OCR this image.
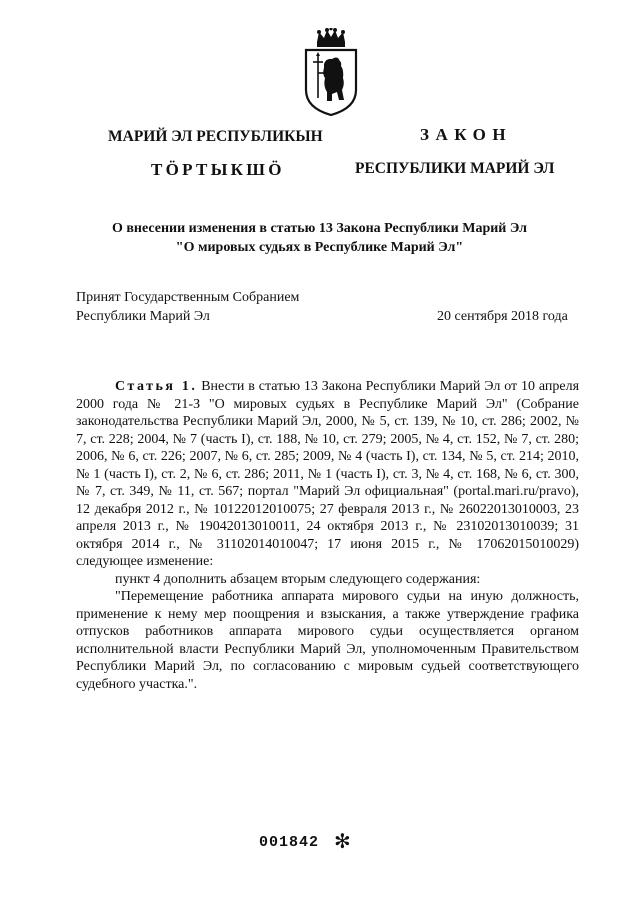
МАРИЙ ЭЛ РЕСПУБЛИКЫН
ТӦРТЫКШӦ
ЗАКОН
РЕСПУБЛИКИ МАРИЙ ЭЛ
О внесении изменения в статью 13 Закона Республики Марий Эл
"О мировых судьях в Республике Марий Эл"
Принят Государственным Собранием
Республики Марий Эл	20 сентября 2018 года

Статья 1. Внести в статью 13 Закона Республики Марий Эл от 10 апреля 2000 года № 21-З "О мировых судьях в Республике Марий Эл" (Собрание законодательства Республики Марий Эл, 2000, № 5, ст. 139, № 10, ст. 286; 2002, № 7, ст. 228; 2004, № 7 (часть I), ст. 188, № 10, ст. 279; 2005, № 4, ст. 152, № 7, ст. 280; 2006, № 6, ст. 226; 2007, № 6, ст. 285; 2009, № 4 (часть I), ст. 134, № 5, ст. 214; 2010, № 1 (часть I), ст. 2, № 6, ст. 286; 2011, № 1 (часть I), ст. 3, № 4, ст. 168, № 6, ст. 300, № 7, ст. 349, № 11, ст. 567; портал "Марий Эл официальная" (portal.mari.ru/pravo), 12 декабря 2012 г., № 10122012010075; 27 февраля 2013 г., № 26022013010003, 23 апреля 2013 г., № 19042013010011, 24 октября 2013 г., № 23102013010039; 31 октября 2014 г., № 31102014010047; 17 июня 2015 г., № 17062015010029) следующее изменение:

пункт 4 дополнить абзацем вторым следующего содержания:

"Перемещение работника аппарата мирового судьи на иную должность, применение к нему мер поощрения и взыскания, а также утверждение графика отпусков работников аппарата мирового судьи осуществляется органом исполнительной власти Республики Марий Эл, уполномоченным Правительством Республики Марий Эл, по согласованию с мировым судьей соответствующего судебного участка.".

001842 ✻
